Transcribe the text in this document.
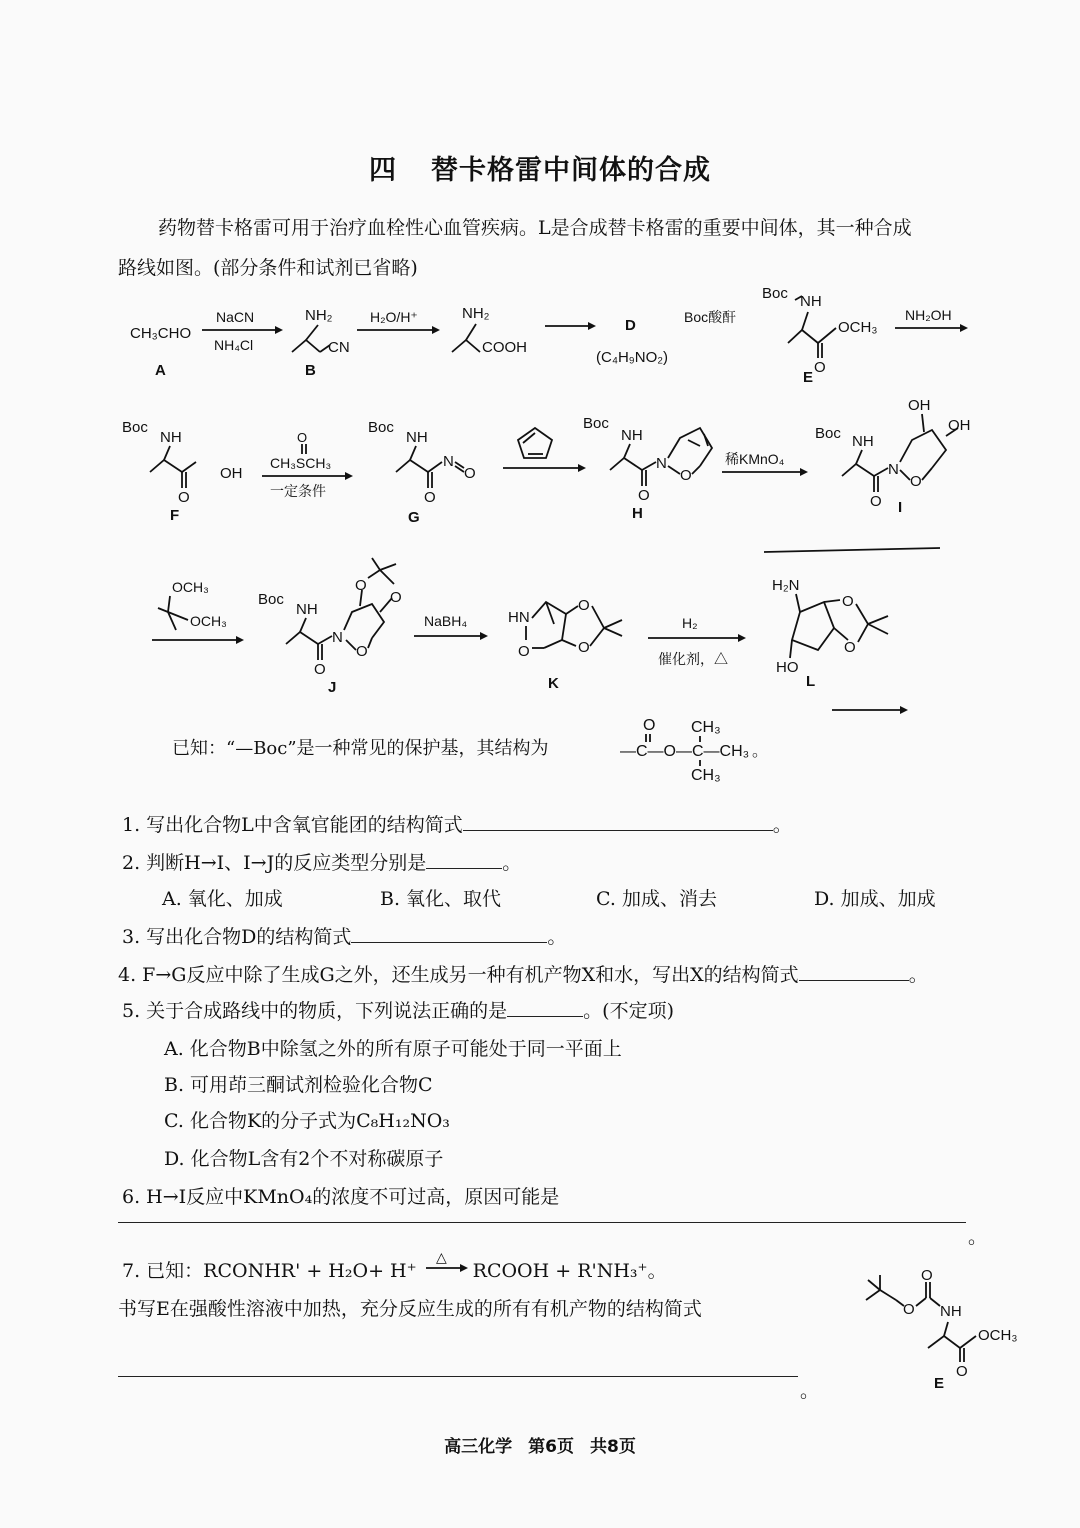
四 替卡格雷中间体的合成
药物替卡格雷可用于治疗血栓性心血管疾病。L是合成替卡格雷的重要中间体，其一种合成
路线如图。(部分条件和试剂已省略)
CH₃CHO
A
NaCN
NH₄Cl
NH₂
CN
B
H₂O/H⁺	NH₂
COOH
D
(C₄H₉NO₂)
Boc酸酐
Boc NH
O
OCH₃
E
NH₂OH
Boc
NH
O
OH
F
O
CH₃SCH₃
一定条件
Boc
NH
O
N
O
G
Boc
NH
O
N
O
H
稀KMnO₄
Boc NH
O
N
O
OH
OH
I
OCH₃
OCH₃
Boc
NH
O
N
O
O
O
J
NaBH₄	HN
O
O
O
K
H₂
催化剂，△
H₂N
HO
O
O
L
O CH₃
—C—O—C—CH₃
CH₃
。
O
O
NH
O
OCH₃
E
△
已知：“—Boc”是一种常见的保护基，其结构为
1. 写出化合物L中含氧官能团的结构简式	。
2. 判断H→I、I→J的反应类型分别是	。
A. 氧化、加成	B. 氧化、取代	C. 加成、消去	D. 加成、加成
3. 写出化合物D的结构简式	。
4. F→G反应中除了生成G之外，还生成另一种有机产物X和水，写出X的结构简式	。
5. 关于合成路线中的物质，下列说法正确的是	。(不定项)
A. 化合物B中除氢之外的所有原子可能处于同一平面上
B. 可用茚三酮试剂检验化合物C
C. 化合物K的分子式为C₈H₁₂NO₃
D. 化合物L含有2个不对称碳原子
6. H→I反应中KMnO₄的浓度不可过高，原因可能是
。
7. 已知：RCONHR' + H₂O+ H⁺	RCOOH + R'NH₃⁺。
书写E在强酸性溶液中加热，充分反应生成的所有有机产物的结构简式
。
高三化学 第6页 共8页
